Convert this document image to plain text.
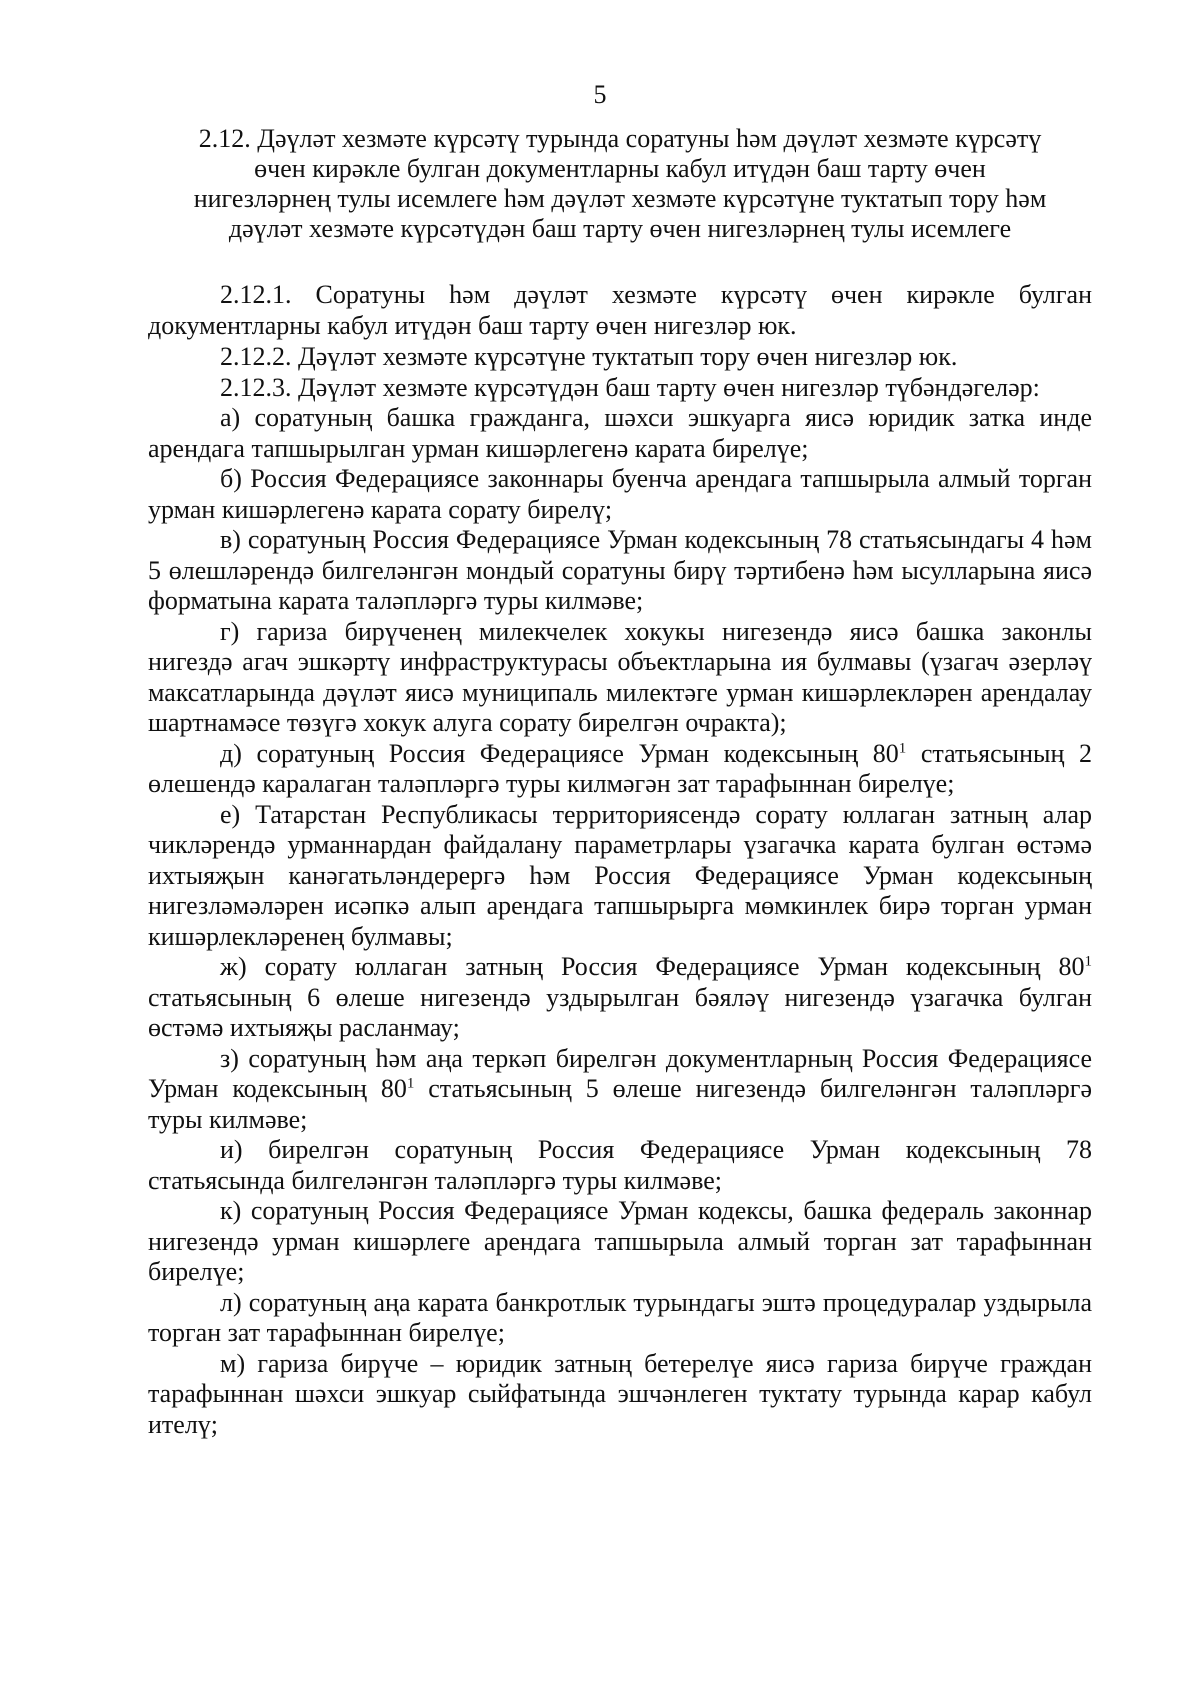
5
2.12. Дәүләт хезмәте күрсәтү турында соратуны һәм дәүләт хезмәте күрсәтү
өчен кирәкле булган документларны кабул итүдән баш тарту өчен
нигезләрнең тулы исемлеге һәм дәүләт хезмәте күрсәтүне туктатып тору һәм
дәүләт хезмәте күрсәтүдән баш тарту өчен нигезләрнең тулы исемлеге

2.12.1. Соратуны һәм дәүләт хезмәте күрсәтү өчен кирәкле булган документларны кабул итүдән баш тарту өчен нигезләр юк.

2.12.2. Дәүләт хезмәте күрсәтүне туктатып тору өчен нигезләр юк.

2.12.3. Дәүләт хезмәте күрсәтүдән баш тарту өчен нигезләр түбәндәгеләр:

а) соратуның башка гражданга, шәхси эшкуарга яисә юридик затка инде арендага тапшырылган урман кишәрлегенә карата бирелүе;

б) Россия Федерациясе законнары буенча арендага тапшырыла алмый торган урман кишәрлегенә карата сорату бирелү;

в) соратуның Россия Федерациясе Урман кодексының 78 статьясындагы 4 һәм 5 өлешләрендә билгеләнгән мондый соратуны бирү тәртибенә һәм ысулларына яисә форматына карата таләпләргә туры килмәве;

г) гариза бирүченең милекчелек хокукы нигезендә яисә башка законлы нигездә агач эшкәртү инфраструктурасы объектларына ия булмавы (үзагач әзерләү максатларында дәүләт яисә муниципаль милектәге урман кишәрлекләрен арендалау шартнамәсе төзүгә хокук алуга сорату бирелгән очракта);

д) соратуның Россия Федерациясе Урман кодексының $80^1$ статьясының 2 өлешендә каралаган таләпләргә туры килмәгән зат тарафыннан бирелүе;

е) Татарстан Республикасы территориясендә сорату юллаган затның алар чикләрендә урманнардан файдалану параметрлары үзагачка карата булган өстәмә ихтыяҗын канәгатьләндерергә һәм Россия Федерациясе Урман кодексының нигезләмәләрен исәпкә алып арендага тапшырырга мөмкинлек бирә торган урман кишәрлекләренең булмавы;

ж) сорату юллаган затның Россия Федерациясе Урман кодексының $80^1$ статьясының 6 өлеше нигезендә уздырылган бәяләү нигезендә үзагачка булган өстәмә ихтыяҗы расланмау;

з) соратуның һәм аңа теркәп бирелгән документларның Россия Федерациясе Урман кодексының $80^1$ статьясының 5 өлеше нигезендә билгеләнгән таләпләргә туры килмәве;

и) бирелгән соратуның Россия Федерациясе Урман кодексының 78 статьясында билгеләнгән таләпләргә туры килмәве;

к) соратуның Россия Федерациясе Урман кодексы, башка федераль законнар нигезендә урман кишәрлеге арендага тапшырыла алмый торган зат тарафыннан бирелүе;

л) соратуның аңа карата банкротлык турындагы эштә процедуралар уздырыла торган зат тарафыннан бирелүе;

м) гариза бирүче – юридик затның бетерелүе яисә гариза бирүче граждан тарафыннан шәхси эшкуар сыйфатында эшчәнлеген туктату турында карар кабул ителү;
